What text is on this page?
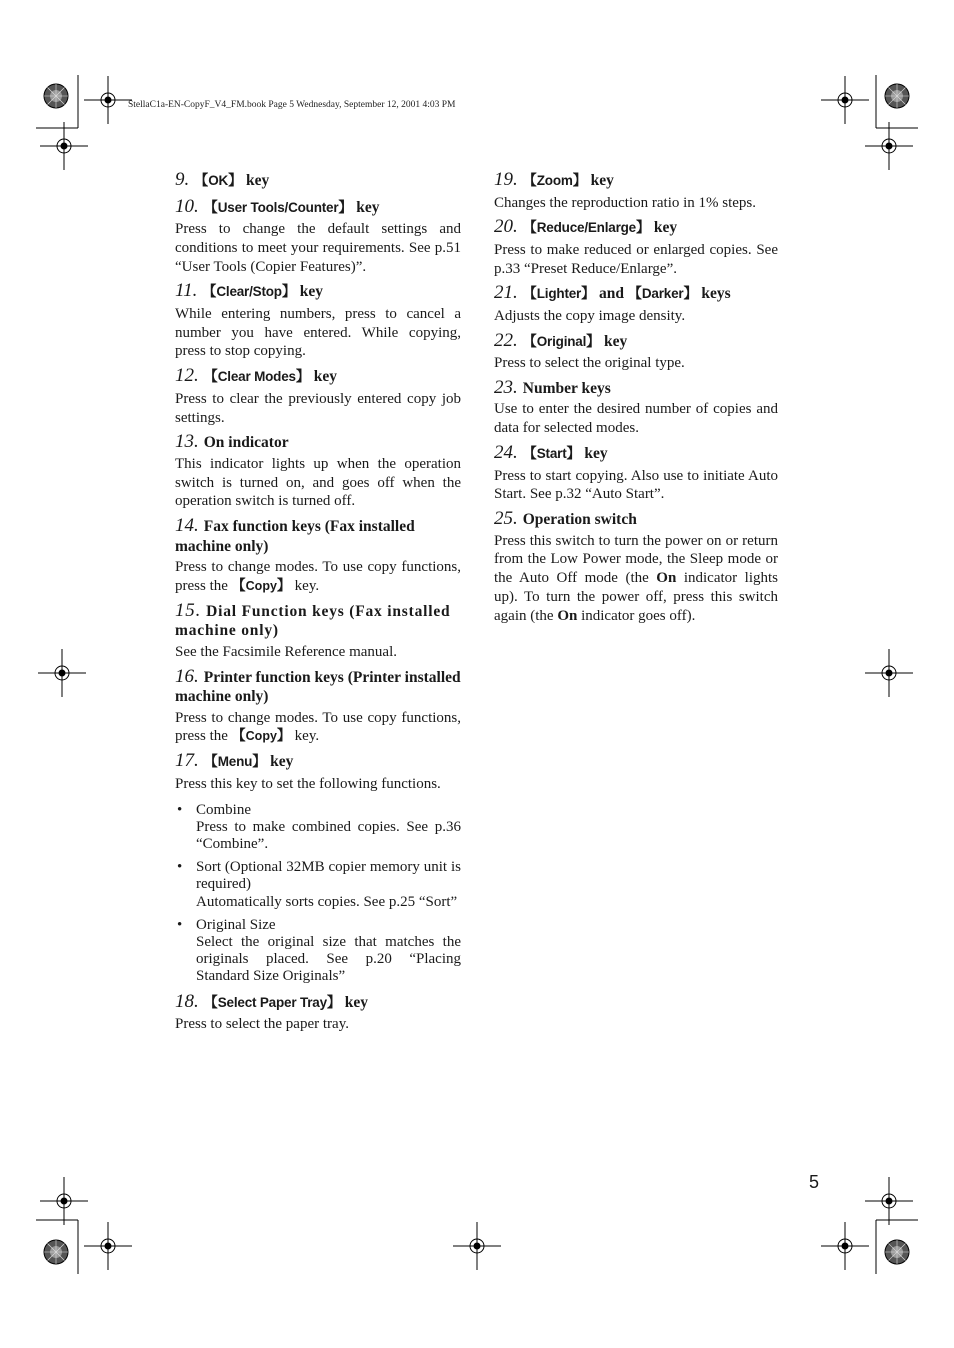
StellaC1a-EN-CopyF_V4_FM.book Page 5 Wednesday, September 12, 2001 4:03 PM

9. 【OK】 key

10. 【User Tools/Counter】 key

Press to change the default settings and conditions to meet your requirements. See p.51 “User Tools (Copier Features)”.

11. 【Clear/Stop】 key

While entering numbers, press to cancel a number you have entered. While copying, press to stop copying.

12. 【Clear Modes】 key

Press to clear the previously entered copy job settings.

13. On indicator

This indicator lights up when the operation switch is turned on, and goes off when the operation switch is turned off.

14. Fax function keys (Fax installed machine only)

Press to change modes. To use copy functions, press the 【Copy】 key.

15. Dial Function keys (Fax installed machine only)

See the Facsimile Reference manual.

16. Printer function keys (Printer installed machine only)

Press to change modes. To use copy functions, press the 【Copy】 key.

17. 【Menu】 key

Press this key to set the following functions.

• Combine
Press to make combined copies. See p.36 “Combine”.
• Sort (Optional 32MB copier memory unit is required)
Automatically sorts copies. See p.25 “Sort”
• Original Size
Select the original size that matches the originals placed. See p.20 “Placing Standard Size Originals”

18. 【Select Paper Tray】 key

Press to select the paper tray.

19. 【Zoom】 key

Changes the reproduction ratio in 1% steps.

20. 【Reduce/Enlarge】 key

Press to make reduced or enlarged copies. See p.33 “Preset Reduce/Enlarge”.

21. 【Lighter】 and 【Darker】 keys

Adjusts the copy image density.

22. 【Original】 key

Press to select the original type.

23. Number keys

Use to enter the desired number of copies and data for selected modes.

24. 【Start】 key

Press to start copying. Also use to initiate Auto Start. See p.32 “Auto Start”.

25. Operation switch

Press this switch to turn the power on or return from the Low Power mode, the Sleep mode or the Auto Off mode (the On indicator lights up). To turn the power off, press this switch again (the On indicator goes off).

5
